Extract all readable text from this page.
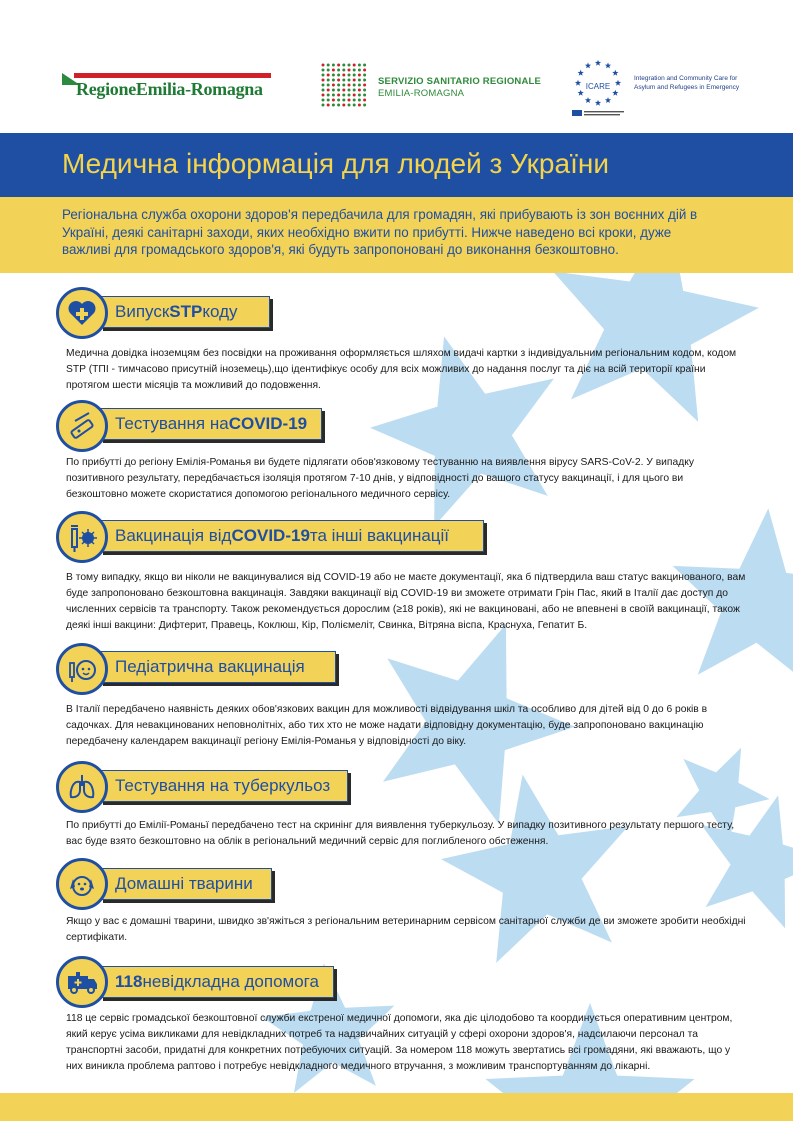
RegioneEmilia-Romagna	SERVIZIO SANITARIO REGIONALE
EMILIA-ROMAGNA
ICARE
Integration and Community Care for
Asylum and Refugees in Emergency
Медична інформація для людей з України
Регіональна служба охорони здоров'я передбачила для громадян, які прибувають із зон воєнних дій в Україні, деякі санітарні заходи, яких необхідно вжити по прибутті. Нижче наведено всі кроки, дуже важливі для громадського здоров'я, які будуть запропоновані до виконання безкоштовно.
Випуск STP коду
Медична довідка іноземцям без посвідки на проживання оформляється шляхом видачі картки з індивідуальним регіональним кодом, кодом STP (ТПІ - тимчасово присутній іноземець),що ідентифікує особу для всіх можливих до надання послуг та діє на всій території країни протягом шести місяців та можливий до подовження.
Тестування на COVID-19
По прибутті до регіону Емілія-Романья ви будете підлягати обов'язковому тестуванню на виявлення вірусу SARS-CoV-2. У випадку позитивного результату, передбачається ізоляція протягом 7-10 днів, у відповідності до вашого статусу вакцинації, і для цього ви безкоштовно можете скористатися допомогою регіонального медичного сервісу.
Вакцинація від COVID-19 та інші вакцинації
В тому випадку, якщо ви ніколи не вакцинувалися від COVID-19 або не маєте документації, яка б підтвердила ваш статус вакцинованого, вам буде запропоновано безкоштовна вакцинація. Завдяки вакцинації від COVID-19 ви зможете отримати Грін Пас, який в Італії дає доступ до численних сервісів та транспорту. Також рекомендується дорослим (≥18 років), які не вакциновані, або не впевнені в своїй вакцинації, також деякі інші вакцини: Дифтерит, Правець, Коклюш, Кір, Поліємеліт, Свинка, Вітряна віспа, Краснуха, Гепатит Б.
Педіатрична вакцинація
В Італії передбачено наявність деяких обов'язкових вакцин для можливості відвідування шкіл та особливо для дітей від 0 до 6 років в садочках. Для невакцинованих неповнолітніх, або тих хто не може надати відповідну документацію, буде запропоновано вакцинацію передбачену календарем вакцинації регіону Емілія-Романья у відповідності до віку.
Тестування на туберкульоз
По прибутті до Емілії-Романьї передбачено тест на скринінг для виявлення туберкульозу. У випадку позитивного результату першого тесту, вас буде взято безкоштовно на облік в регіональний медичний сервіс для поглибленого обстеження.
Домашні тварини
Якщо у вас є домашні тварини, швидко зв'яжіться з регіональним ветеринарним сервісом санітарної служби де ви зможете зробити необхідні сертифікати.
118 невідкладна допомога
118 це сервіс громадської безкоштовної служби екстреної медичної допомоги, яка діє цілодобово та координується оперативним центром, який керує усіма викликами для невідкладних потреб та надзвичайних ситуацій у сфері охорони здоров'я, надсилаючи персонал та транспортні засоби, придатні для конкретних потребуючих ситуацій. За номером 118 можуть звертатись всі громадяни, які вважають, що у них виникла проблема раптово і потребує невідкладного медичного втручання, з можливим транспортуванням до лікарні.
